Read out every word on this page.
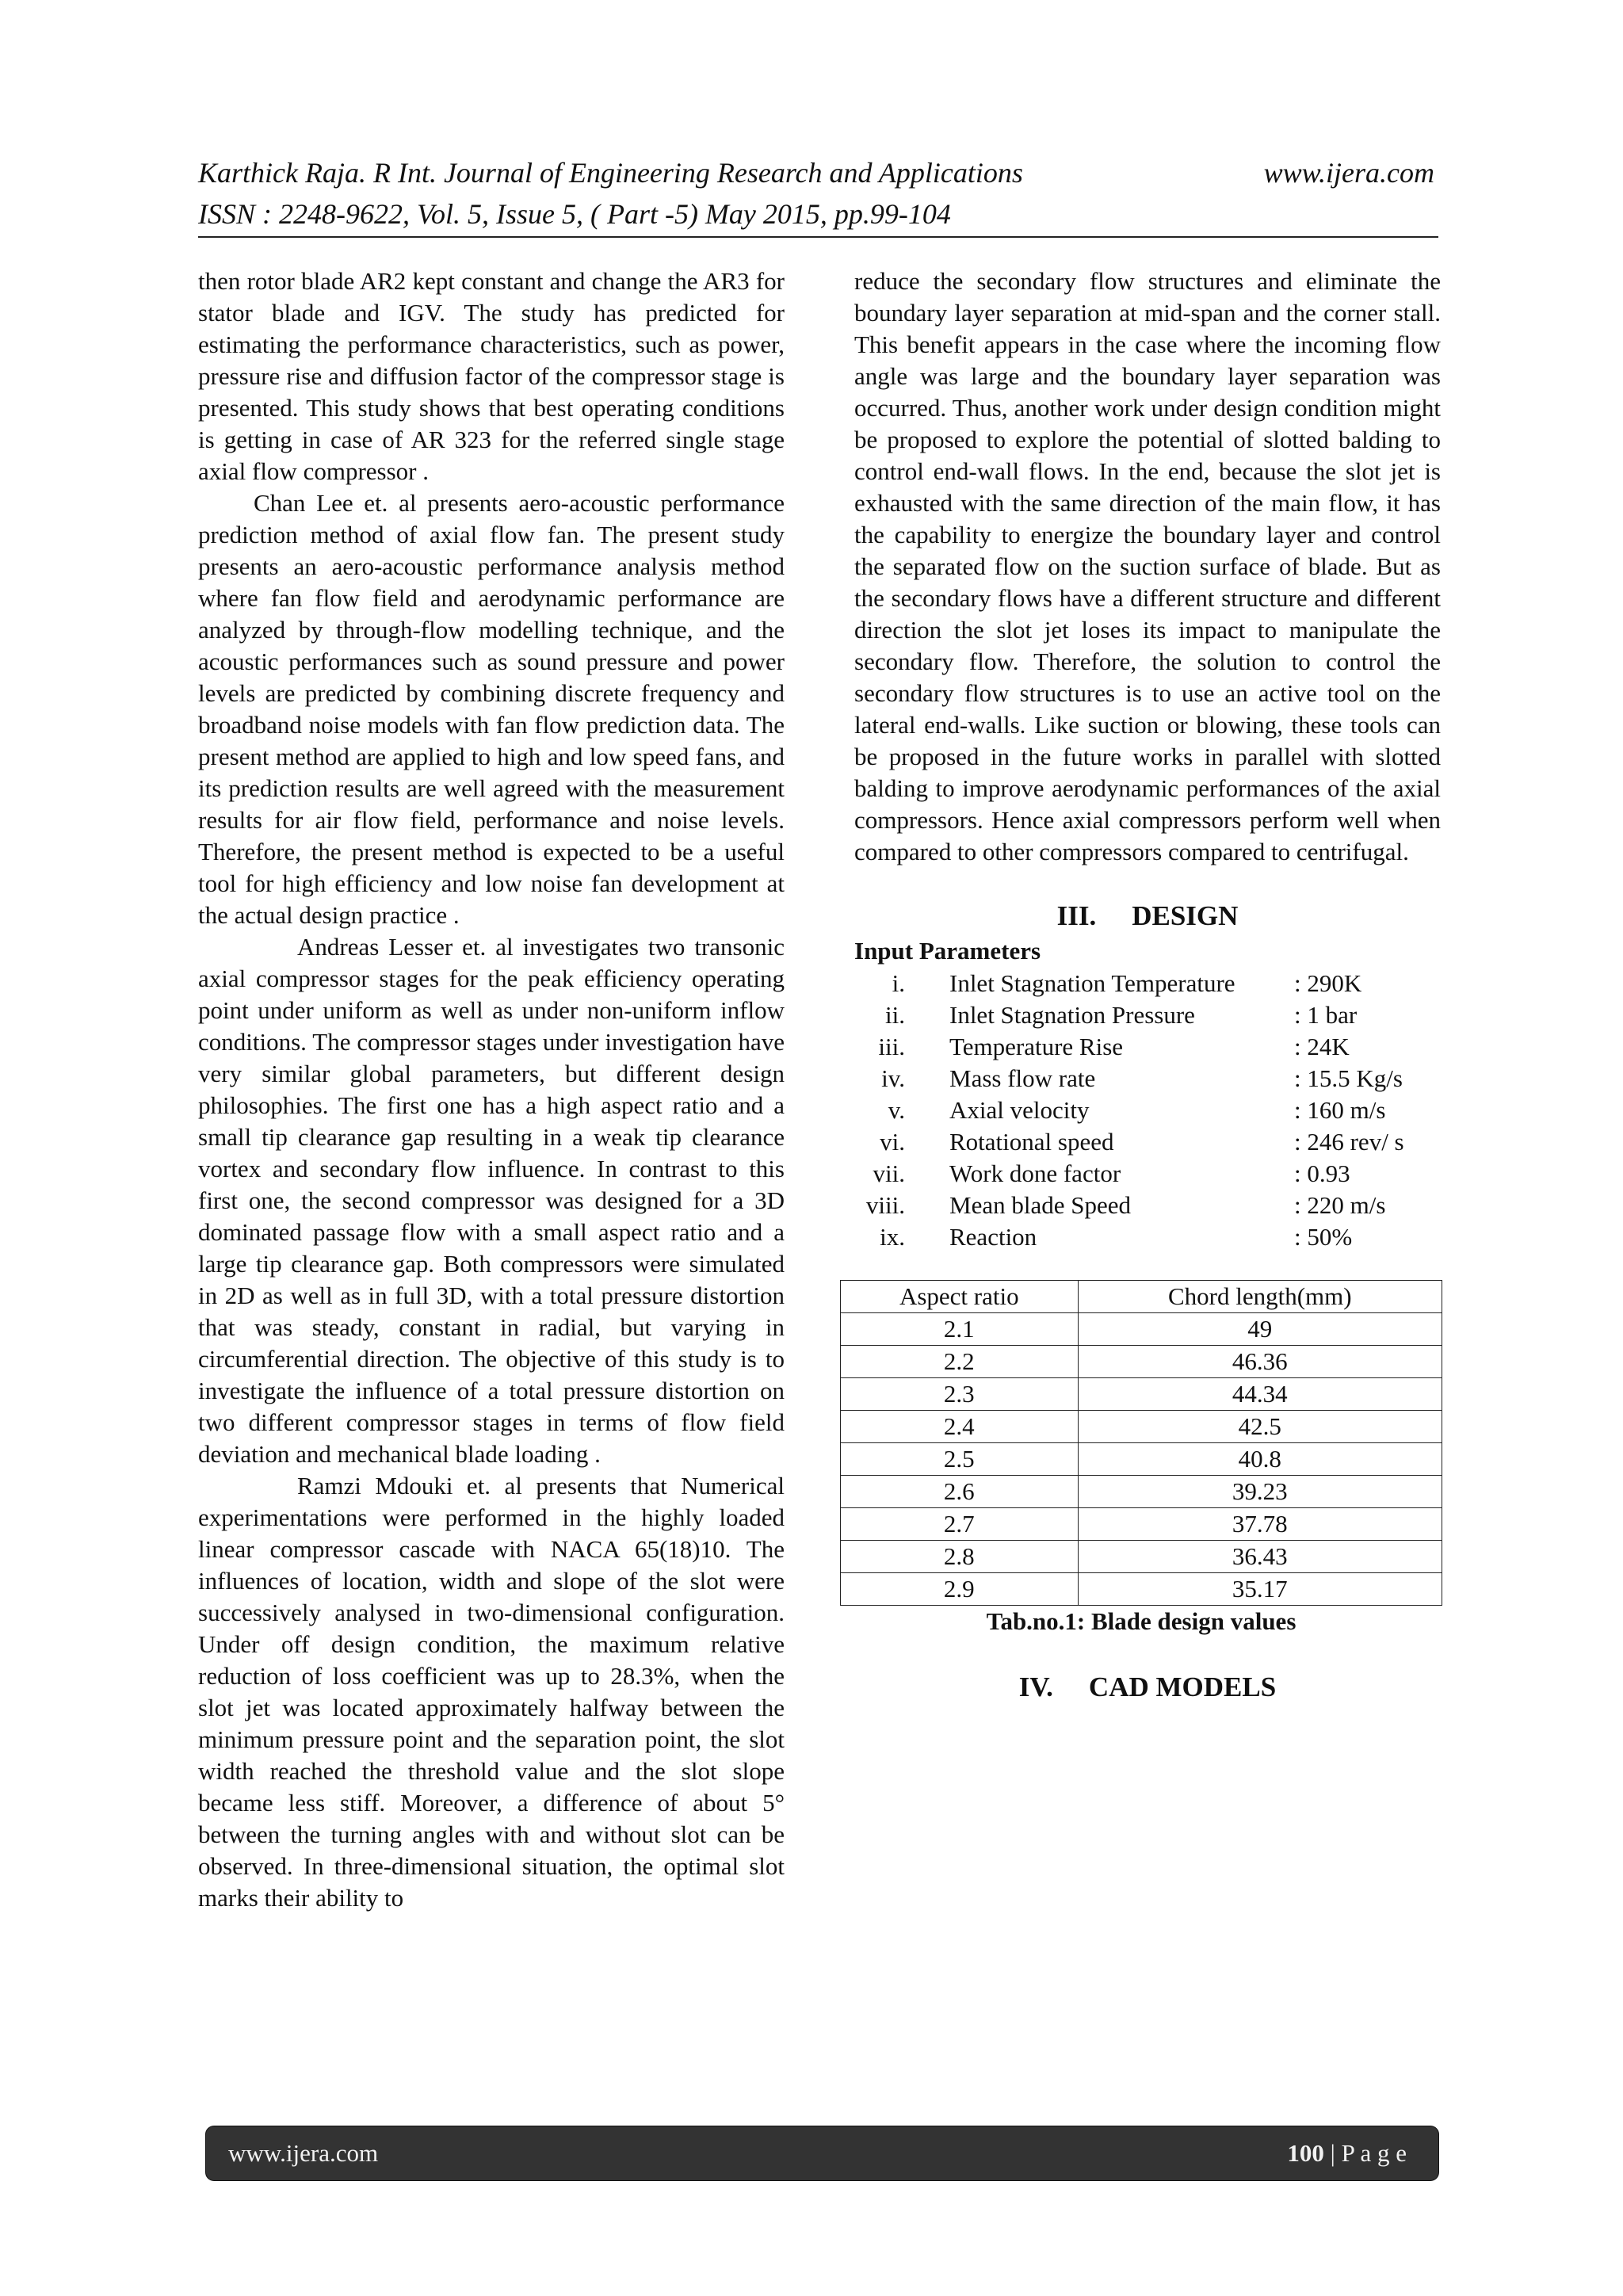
Karthick Raja. R Int. Journal of Engineering Research and Applications	www.ijera.com
ISSN : 2248-9622, Vol. 5, Issue 5, ( Part -5) May 2015, pp.99-104

then rotor blade AR2 kept constant and change the AR3 for stator blade and IGV. The study has predicted for estimating the performance characteristics, such as power, pressure rise and diffusion factor of the compressor stage is presented. This study shows that best operating conditions is getting in case of AR 323 for the referred single stage axial flow compressor .

Chan Lee et. al presents aero-acoustic performance prediction method of axial flow fan. The present study presents an aero-acoustic performance analysis method where fan flow field and aerodynamic performance are analyzed by through-flow modelling technique, and the acoustic performances such as sound pressure and power levels are predicted by combining discrete frequency and broadband noise models with fan flow prediction data. The present method are applied to high and low speed fans, and its prediction results are well agreed with the measurement results for air flow field, performance and noise levels. Therefore, the present method is expected to be a useful tool for high efficiency and low noise fan development at the actual design practice .

Andreas Lesser et. al investigates two transonic axial compressor stages for the peak efficiency operating point under uniform as well as under non-uniform inflow conditions. The compressor stages under investigation have very similar global parameters, but different design philosophies. The first one has a high aspect ratio and a small tip clearance gap resulting in a weak tip clearance vortex and secondary flow influence. In contrast to this first one, the second compressor was designed for a 3D dominated passage flow with a small aspect ratio and a large tip clearance gap. Both compressors were simulated in 2D as well as in full 3D, with a total pressure distortion that was steady, constant in radial, but varying in circumferential direction. The objective of this study is to investigate the influence of a total pressure distortion on two different compressor stages in terms of flow field deviation and mechanical blade loading .

Ramzi Mdouki et. al presents that Numerical experimentations were performed in the highly loaded linear compressor cascade with NACA 65(18)10. The influences of location, width and slope of the slot were successively analysed in two-dimensional configuration. Under off design condition, the maximum relative reduction of loss coefficient was up to 28.3%, when the slot jet was located approximately halfway between the minimum pressure point and the separation point, the slot width reached the threshold value and the slot slope became less stiff. Moreover, a difference of about 5° between the turning angles with and without slot can be observed. In three-dimensional situation, the optimal slot marks their ability to

reduce the secondary flow structures and eliminate the boundary layer separation at mid-span and the corner stall. This benefit appears in the case where the incoming flow angle was large and the boundary layer separation was occurred. Thus, another work under design condition might be proposed to explore the potential of slotted balding to control end-wall flows. In the end, because the slot jet is exhausted with the same direction of the main flow, it has the capability to energize the boundary layer and control the separated flow on the suction surface of blade. But as the secondary flows have a different structure and different direction the slot jet loses its impact to manipulate the secondary flow. Therefore, the solution to control the secondary flow structures is to use an active tool on the lateral end-walls. Like suction or blowing, these tools can be proposed in the future works in parallel with slotted balding to improve aerodynamic performances of the axial compressors. Hence axial compressors perform well when compared to other compressors compared to centrifugal.

III. DESIGN
Input Parameters
i. Inlet Stagnation Temperature	: 290K
ii. Inlet Stagnation Pressure	: 1 bar
iii. Temperature Rise	: 24K
iv. Mass flow rate	: 15.5 Kg/s
v. Axial velocity	: 160 m/s
vi. Rotational speed	: 246 rev/ s
vii. Work done factor	: 0.93
viii. Mean blade Speed	: 220 m/s
ix. Reaction	: 50%
Aspect ratio	Chord length(mm)
2.1	49
2.2	46.36
2.3	44.34
2.4	42.5
2.5	40.8
2.6	39.23
2.7	37.78
2.8	36.43
2.9	35.17
Tab.no.1: Blade design values
IV. CAD MODELS
www.ijera.com	100 | P a g e
